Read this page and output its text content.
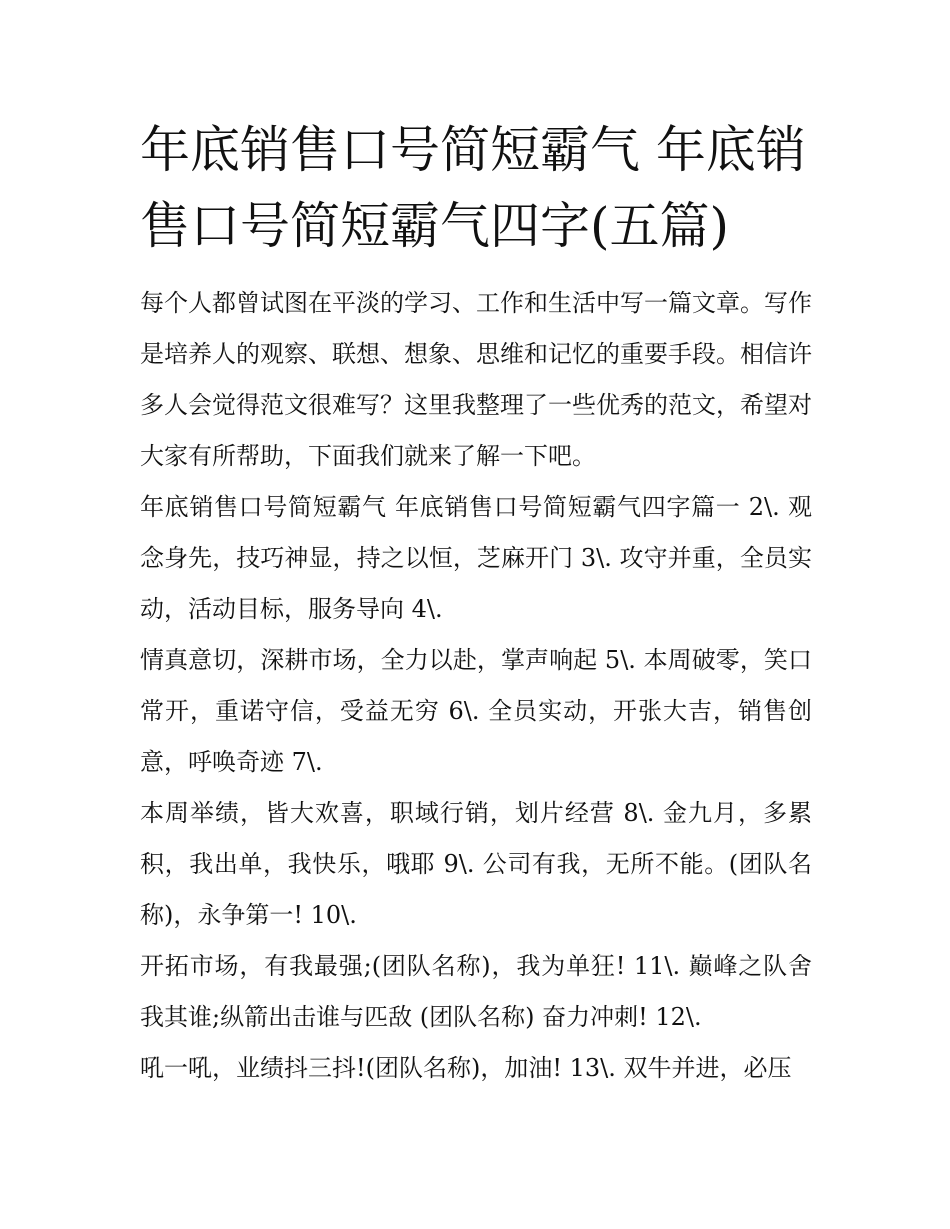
年底销售口号简短霸气 年底销售口号简短霸气四字(五篇)

每个人都曾试图在平淡的学习、工作和生活中写一篇文章。写作是培养人的观察、联想、想象、思维和记忆的重要手段。相信许多人会觉得范文很难写？这里我整理了一些优秀的范文，希望对大家有所帮助，下面我们就来了解一下吧。

年底销售口号简短霸气 年底销售口号简短霸气四字篇一 2\. 观念身先，技巧神显，持之以恒，芝麻开门 3\. 攻守并重，全员实动，活动目标，服务导向 4\.

情真意切，深耕市场，全力以赴，掌声响起 5\. 本周破零，笑口常开，重诺守信，受益无穷 6\. 全员实动，开张大吉，销售创意，呼唤奇迹 7\.

本周举绩，皆大欢喜，职域行销，划片经营 8\. 金九月，多累积，我出单，我快乐，哦耶 9\. 公司有我，无所不能。(团队名称)，永争第一! 10\.

开拓市场，有我最强;(团队名称)，我为单狂! 11\. 巅峰之队舍我其谁;纵箭出击谁与匹敌 (团队名称) 奋力冲刺! 12\.

吼一吼，业绩抖三抖!(团队名称)，加油! 13\. 双牛并进，必压
